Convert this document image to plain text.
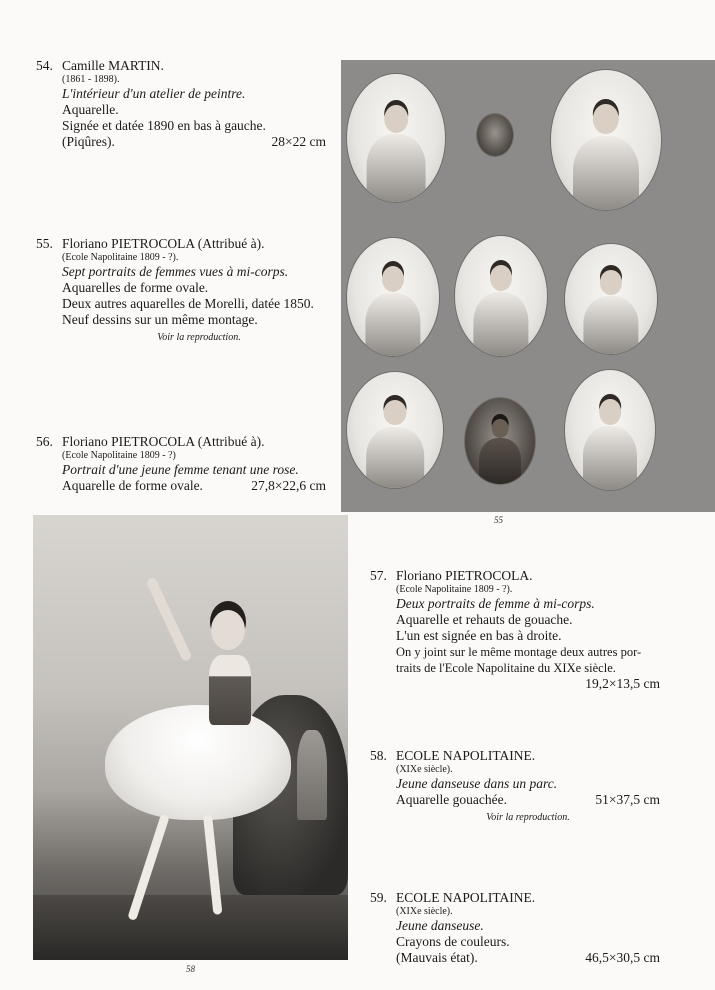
54. Camille MARTIN.
(1861 - 1898).
L'intérieur d'un atelier de peintre.
Aquarelle.
Signée et datée 1890 en bas à gauche.
(Piqûres).	28×22 cm
55. Floriano PIETROCOLA (Attribué à).
(Ecole Napolitaine 1809 - ?).
Sept portraits de femmes vues à mi-corps.
Aquarelles de forme ovale.
Deux autres aquarelles de Morelli, datée 1850.
Neuf dessins sur un même montage.
Voir la reproduction.
56. Floriano PIETROCOLA (Attribué à).
(Ecole Napolitaine 1809 - ?)
Portrait d'une jeune femme tenant une rose.
Aquarelle de forme ovale.	27,8×22,6 cm
55
58
57. Floriano PIETROCOLA.
(Ecole Napolitaine 1809 - ?).
Deux portraits de femme à mi-corps.
Aquarelle et rehauts de gouache.
L'un est signée en bas à droite.
On y joint sur le même montage deux autres por-
traits de l'Ecole Napolitaine du XIXe siècle.
19,2×13,5 cm
58. ECOLE NAPOLITAINE.
(XIXe siècle).
Jeune danseuse dans un parc.
Aquarelle gouachée.	51×37,5 cm
Voir la reproduction.
59. ECOLE NAPOLITAINE.
(XIXe siècle).
Jeune danseuse.
Crayons de couleurs.
(Mauvais état).	46,5×30,5 cm
